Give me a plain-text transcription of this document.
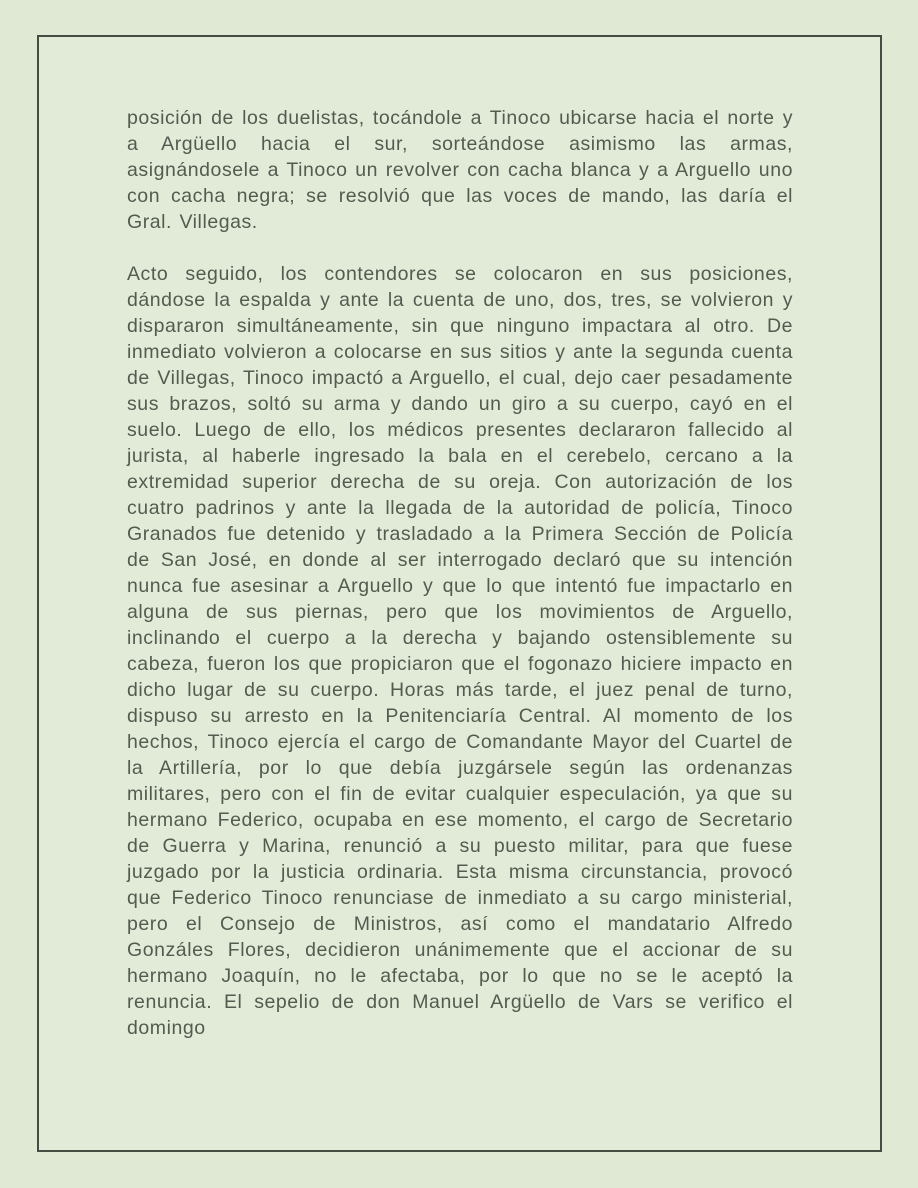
posición de los duelistas, tocándole a Tinoco ubicarse hacia el norte y a Argüello hacia el sur, sorteándose asimismo las armas, asignándosele a Tinoco un revolver con cacha blanca y a Arguello uno con cacha negra; se resolvió que las voces de mando, las daría el Gral. Villegas.

Acto seguido, los contendores se colocaron en sus posiciones, dándose la espalda y ante la cuenta de uno, dos, tres, se volvieron y dispararon simultáneamente, sin que ninguno impactara al otro. De inmediato volvieron a colocarse en sus sitios y ante la segunda cuenta de Villegas, Tinoco impactó a Arguello, el cual, dejo caer pesadamente sus brazos, soltó su arma y dando un giro a su cuerpo, cayó en el suelo. Luego de ello, los médicos presentes declararon fallecido al jurista, al haberle ingresado la bala en el cerebelo, cercano a la extremidad superior derecha de su oreja. Con autorización de los cuatro padrinos y ante la llegada de la autoridad de policía, Tinoco Granados fue detenido y trasladado a la Primera Sección de Policía de San José, en donde al ser interrogado declaró que su intención nunca fue asesinar a Arguello y que lo que intentó fue impactarlo en alguna de sus piernas, pero que los movimientos de Arguello, inclinando el cuerpo a la derecha y bajando ostensiblemente su cabeza, fueron los que propiciaron que el fogonazo hiciere impacto en dicho lugar de su cuerpo. Horas más tarde, el juez penal de turno, dispuso su arresto en la Penitenciaría Central. Al momento de los hechos, Tinoco ejercía el cargo de Comandante Mayor del Cuartel de la Artillería, por lo que debía juzgársele según las ordenanzas militares, pero con el fin de evitar cualquier especulación, ya que su hermano Federico, ocupaba en ese momento, el cargo de Secretario de Guerra y Marina, renunció a su puesto militar, para que fuese juzgado por la justicia ordinaria. Esta misma circunstancia, provocó que Federico Tinoco renunciase de inmediato a su cargo ministerial, pero el Consejo de Ministros, así como el mandatario Alfredo Gonzáles Flores, decidieron unánimemente que el accionar de su hermano Joaquín, no le afectaba, por lo que no se le aceptó la renuncia. El sepelio de don Manuel Argüello de Vars se verifico el domingo
